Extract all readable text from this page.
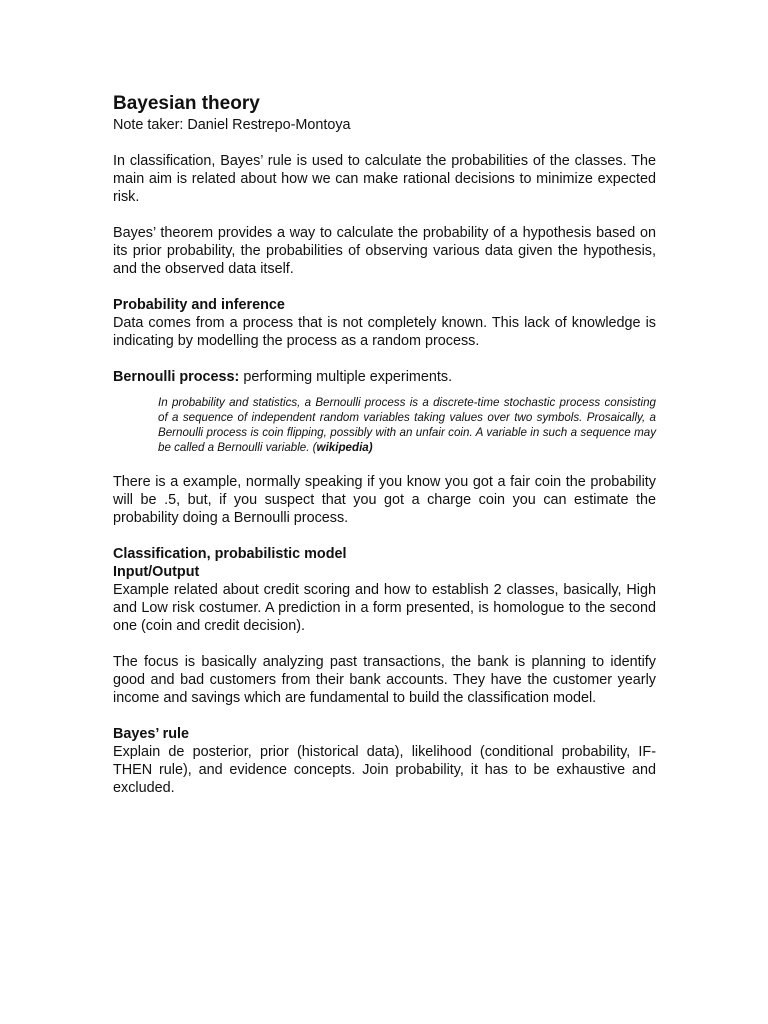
Bayesian theory
Note taker: Daniel Restrepo-Montoya

In classification, Bayes’ rule is used to calculate the probabilities of the classes. The main aim is related about how we can make rational decisions to minimize expected risk.

Bayes’ theorem provides a way to calculate the probability of a hypothesis based on its prior probability, the probabilities of observing various data given the hypothesis, and the observed data itself.

Probability and inference

Data comes from a process that is not completely known. This lack of knowledge is indicating by modelling the process as a random process.

Bernoulli process: performing multiple experiments.

In probability and statistics, a Bernoulli process is a discrete-time stochastic process consisting of a sequence of independent random variables taking values over two symbols. Prosaically, a Bernoulli process is coin flipping, possibly with an unfair coin. A variable in such a sequence may be called a Bernoulli variable. (wikipedia)

There is a example, normally speaking if you know you got a fair coin the probability will be .5, but, if you suspect that you got a charge coin you can estimate the probability doing a Bernoulli process.

Classification, probabilistic model
Input/Output

Example related about credit scoring and how to establish 2 classes, basically, High and Low risk costumer. A prediction in a form presented, is homologue to the second one (coin and credit decision).

The focus is basically analyzing past transactions, the bank is planning to identify good and bad customers from their bank accounts. They have the customer yearly income and savings which are fundamental to build the classification model.

Bayes’ rule

Explain de posterior, prior (historical data), likelihood (conditional probability, IF-THEN rule), and evidence concepts. Join probability, it has to be exhaustive and excluded.
